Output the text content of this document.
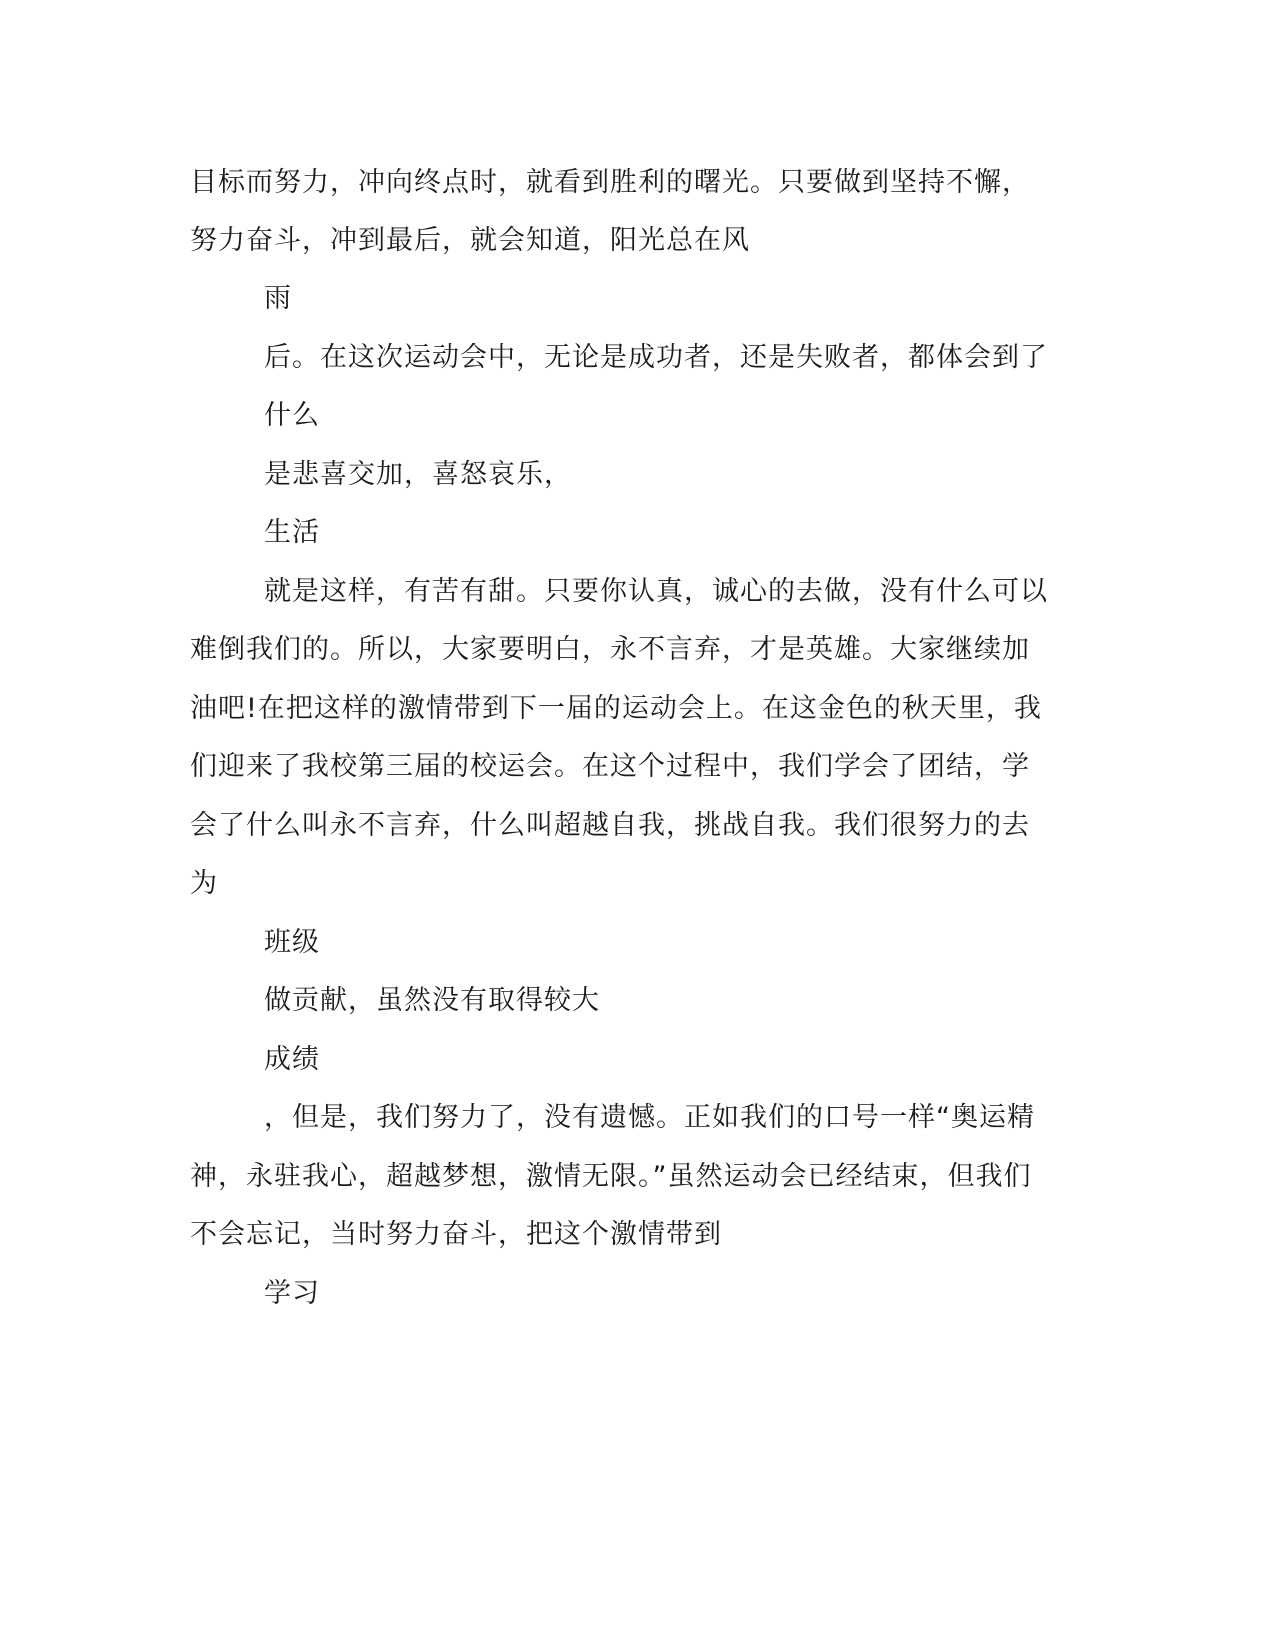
目标而努力，冲向终点时，就看到胜利的曙光。只要做到坚持不懈，
努力奋斗，冲到最后，就会知道，阳光总在风
雨
后。在这次运动会中，无论是成功者，还是失败者，都体会到了
什么
是悲喜交加，喜怒哀乐，
生活
就是这样，有苦有甜。只要你认真，诚心的去做，没有什么可以
难倒我们的。所以，大家要明白，永不言弃，才是英雄。大家继续加
油吧!在把这样的激情带到下一届的运动会上。在这金色的秋天里，我
们迎来了我校第三届的校运会。在这个过程中，我们学会了团结，学
会了什么叫永不言弃，什么叫超越自我，挑战自我。我们很努力的去
为
班级
做贡献，虽然没有取得较大
成绩
，但是，我们努力了，没有遗憾。正如我们的口号一样“奥运精
神，永驻我心，超越梦想，激情无限。”虽然运动会已经结束，但我们
不会忘记，当时努力奋斗，把这个激情带到
学习
